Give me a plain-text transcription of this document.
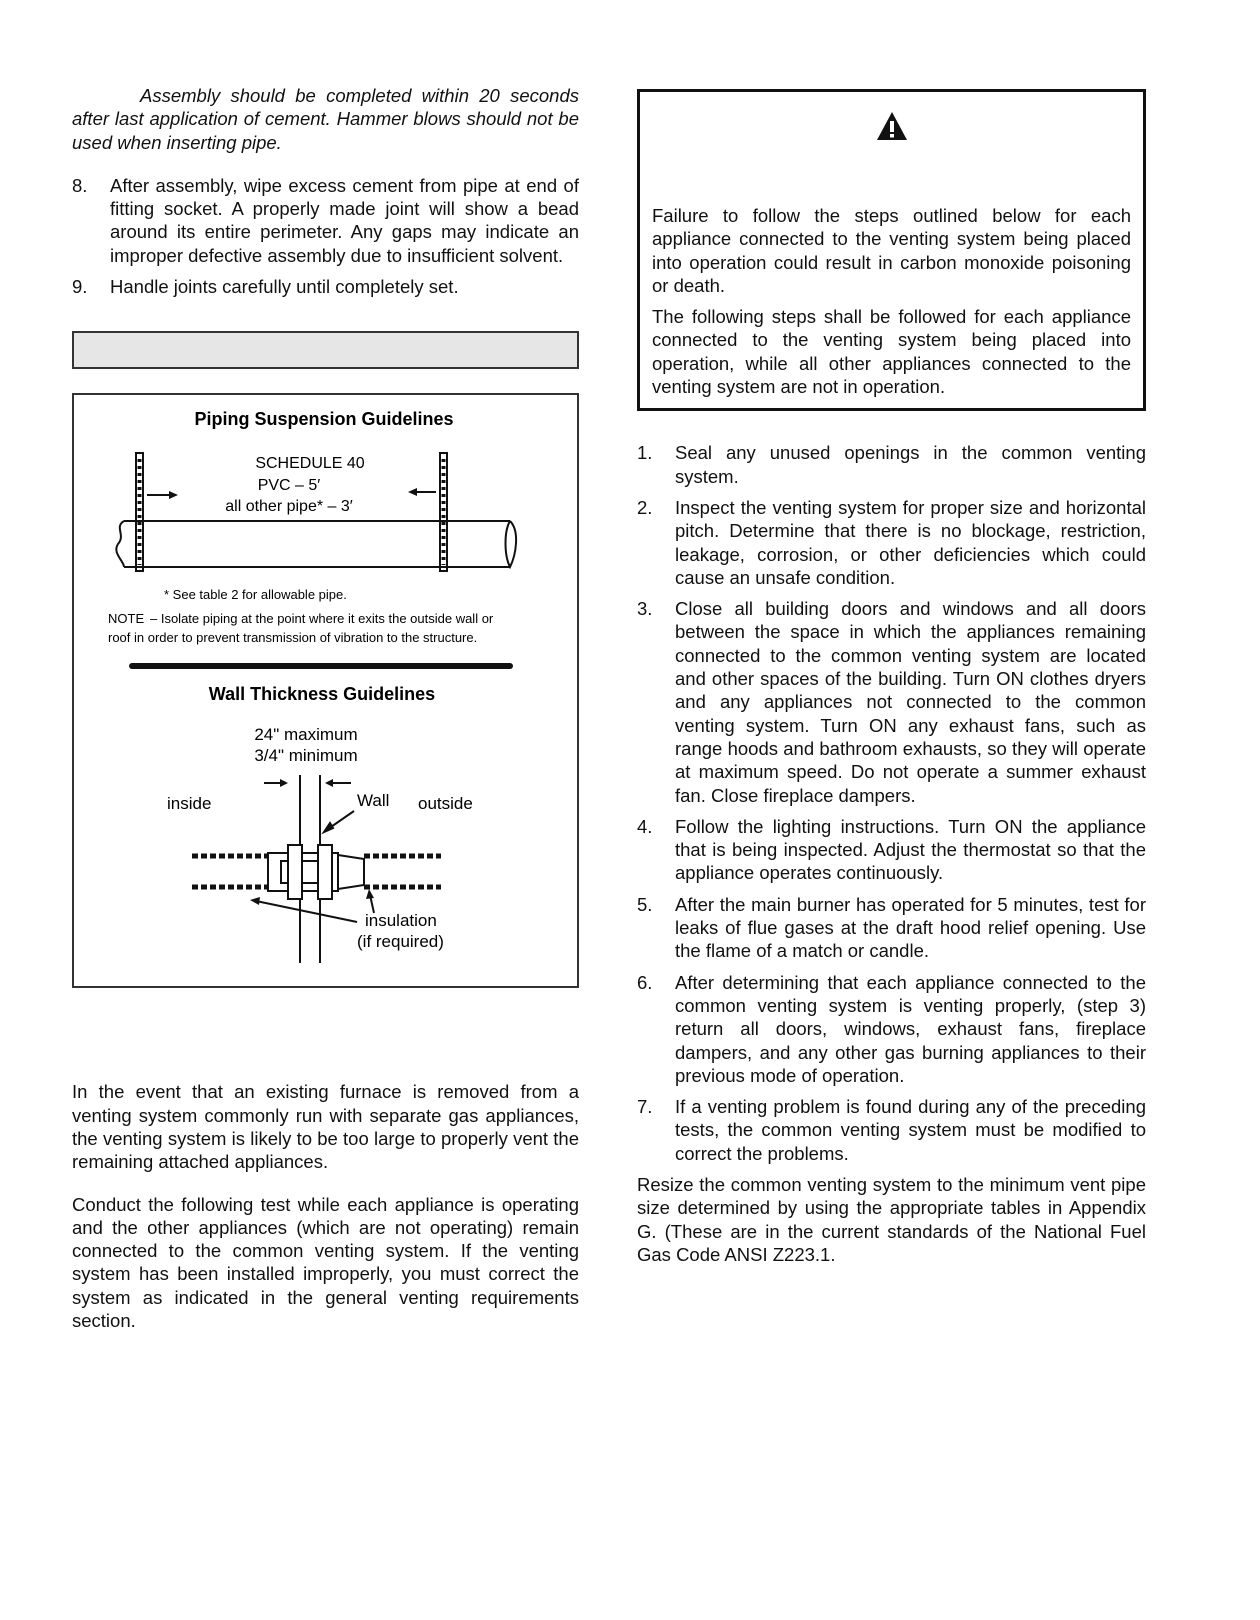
Assembly should be completed within 20 seconds after last application of cement. Hammer blows should not be used when inserting pipe.

8. After assembly, wipe excess cement from pipe at end of fitting socket. A properly made joint will show a bead around its entire perimeter. Any gaps may indicate an improper defective assembly due to insufficient solvent.
9. Handle joints carefully until completely set.
Piping Suspension Guidelines
SCHEDULE 40
PVC – 5′
all other pipe* – 3′
* See table 2 for allowable pipe.
NOTE – Isolate piping at the point where it exits the outside wall or
roof in order to prevent transmission of vibration to the structure.
Wall Thickness Guidelines
24" maximum
3/4" minimum
inside	Wall outside
insulation
(if required)

In the event that an existing furnace is removed from a venting system commonly run with separate gas appliances, the venting system is likely to be too large to properly vent the remaining attached appliances.

Conduct the following test while each appliance is operating and the other appliances (which are not operating) remain connected to the common venting system. If the venting system has been installed improperly, you must correct the system as indicated in the general venting requirements section.

Failure to follow the steps outlined below for each appliance connected to the venting system being placed into operation could result in carbon monoxide poisoning or death.

The following steps shall be followed for each appliance connected to the venting system being placed into operation, while all other appliances connected to the venting system are not in operation.

1. Seal any unused openings in the common venting system.
2. Inspect the venting system for proper size and horizontal pitch. Determine that there is no blockage, restriction, leakage, corrosion, or other deficiencies which could cause an unsafe condition.
3. Close all building doors and windows and all doors between the space in which the appliances remaining connected to the common venting system are located and other spaces of the building. Turn ON clothes dryers and any appliances not connected to the common venting system. Turn ON any exhaust fans, such as range hoods and bathroom exhausts, so they will operate at maximum speed. Do not operate a summer exhaust fan. Close fireplace dampers.
4. Follow the lighting instructions. Turn ON the appliance that is being inspected. Adjust the thermostat so that the appliance operates continuously.
5. After the main burner has operated for 5 minutes, test for leaks of flue gases at the draft hood relief opening. Use the flame of a match or candle.
6. After determining that each appliance connected to the common venting system is venting properly, (step 3) return all doors, windows, exhaust fans, fireplace dampers, and any other gas burning appliances to their previous mode of operation.
7. If a venting problem is found during any of the preceding tests, the common venting system must be modified to correct the problems.

Resize the common venting system to the minimum vent pipe size determined by using the appropriate tables in Appendix G. (These are in the current standards of the National Fuel Gas Code ANSI Z223.1.
